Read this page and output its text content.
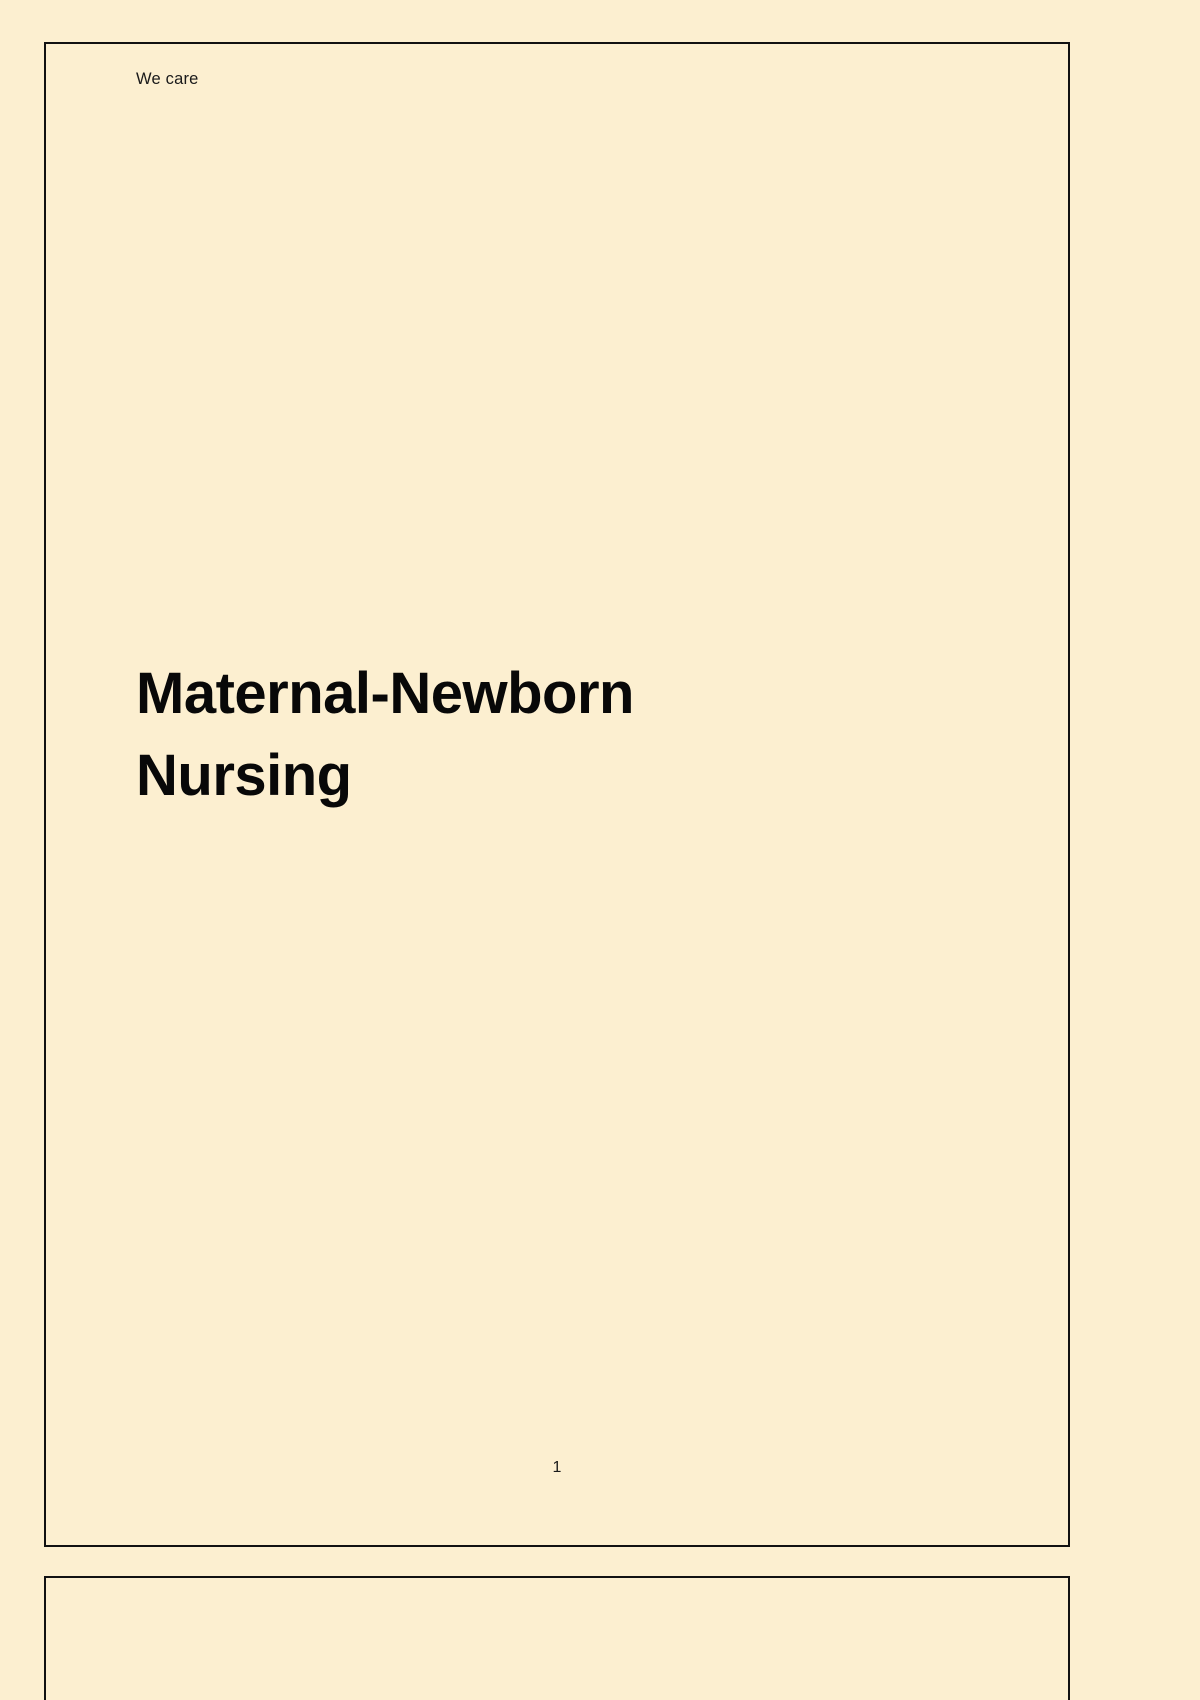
We care
Maternal-Newborn Nursing
1
